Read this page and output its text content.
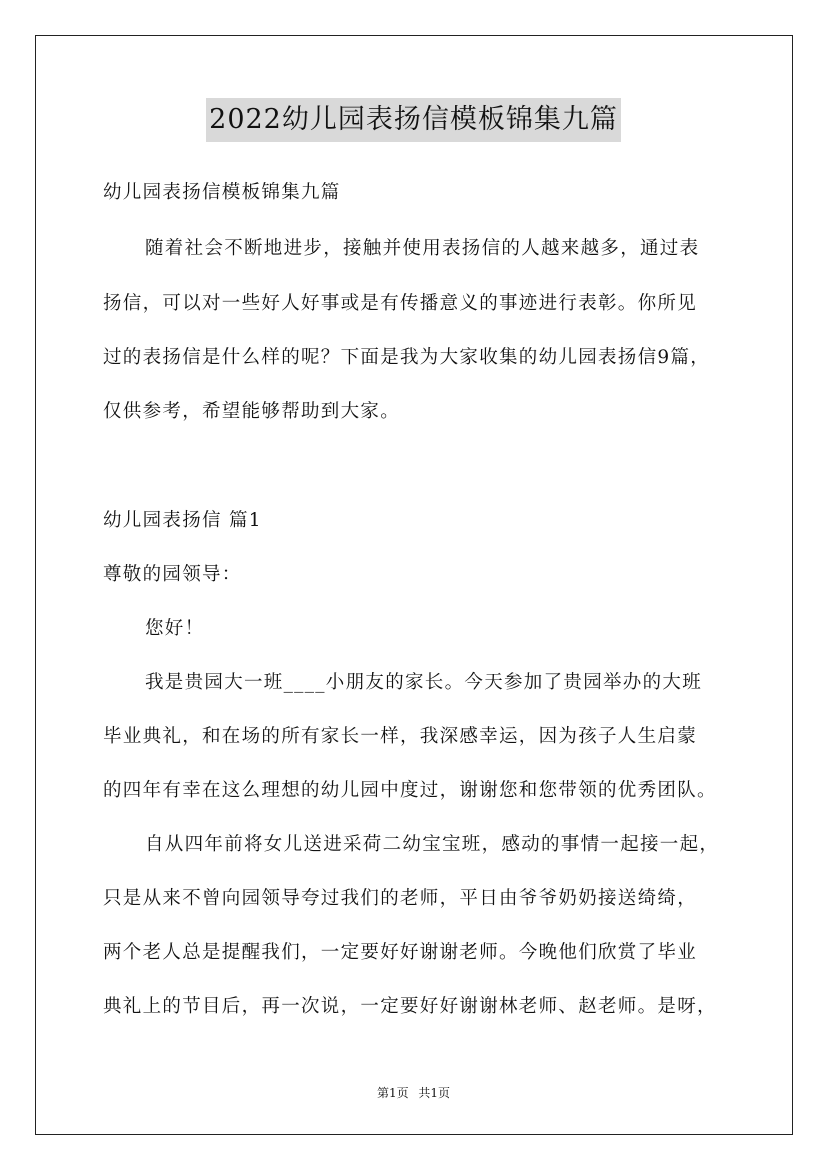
2022幼儿园表扬信模板锦集九篇
幼儿园表扬信模板锦集九篇
随着社会不断地进步，接触并使用表扬信的人越来越多，通过表
扬信，可以对一些好人好事或是有传播意义的事迹进行表彰。你所见
过的表扬信是什么样的呢？下面是我为大家收集的幼儿园表扬信9篇，
仅供参考，希望能够帮助到大家。
幼儿园表扬信 篇1
尊敬的园领导：
您好！
我是贵园大一班____小朋友的家长。今天参加了贵园举办的大班
毕业典礼，和在场的所有家长一样，我深感幸运，因为孩子人生启蒙
的四年有幸在这么理想的幼儿园中度过，谢谢您和您带领的优秀团队。
自从四年前将女儿送进采荷二幼宝宝班，感动的事情一起接一起，
只是从来不曾向园领导夸过我们的老师，平日由爷爷奶奶接送绮绮，
两个老人总是提醒我们，一定要好好谢谢老师。今晚他们欣赏了毕业
典礼上的节目后，再一次说，一定要好好谢谢林老师、赵老师。是呀，
第1页 共1页
